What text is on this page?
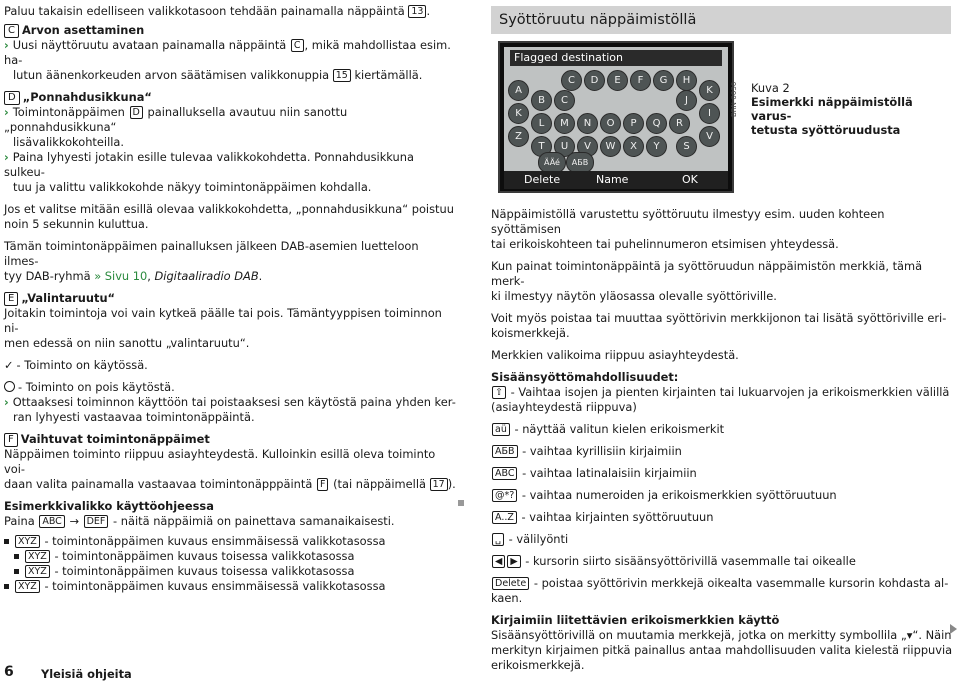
Paluu takaisin edelliseen valikkotasoon tehdään painamalla näppäintä 13 .

C Arvon asettaminen

› Uusi näyttöruutu avataan painamalla näppäintä C , mikä mahdollistaa esim. ha-

lutun äänenkorkeuden arvon säätämisen valikkonuppia 15 kiertämällä.

D „Ponnahdusikkuna“

› Toimintonäppäimen D painalluksella avautuu niin sanottu „ponnahdusikkuna“

lisävalikkokohteilla.

› Paina lyhyesti jotakin esille tulevaa valikkokohdetta. Ponnahdusikkuna sulkeu-

tuu ja valittu valikkokohde näkyy toimintonäppäimen kohdalla.

Jos et valitse mitään esillä olevaa valikkokohdetta, „ponnahdusikkuna“ poistuu

noin 5 sekunnin kuluttua.

Tämän toimintonäppäimen painalluksen jälkeen DAB-asemien luetteloon ilmes-

tyy DAB-ryhmä » Sivu 10, Digitaaliradio DAB.

E „Valintaruutu“

Joitakin toimintoja voi vain kytkeä päälle tai pois. Tämäntyyppisen toiminnon ni-

men edessä on niin sanottu „valintaruutu“.

✓ - Toiminto on käytössä.

- Toiminto on pois käytöstä.

› Ottaaksesi toiminnon käyttöön tai poistaaksesi sen käytöstä paina yhden ker-

ran lyhyesti vastaavaa toimintonäppäintä.

F Vaihtuvat toimintonäppäimet

Näppäimen toiminto riippuu asiayhteydestä. Kulloinkin esillä oleva toiminto voi-

daan valita painamalla vastaavaa toimintonäpppäintä F (tai näppäimellä 17 ).

Esimerkkivalikko käyttöohjeessa

Paina ABC → DEF - näitä näppäimiä on painettava samanaikaisesti.

XYZ - toimintonäppäimen kuvaus ensimmäisessä valikkotasossa
XYZ - toimintonäppäimen kuvaus toisessa valikkotasossa
XYZ - toimintonäppäimen kuvaus toisessa valikkotasossa
XYZ - toimintonäppäimen kuvaus ensimmäisessä valikkotasossa
Syöttöruutu näppäimistöllä
Flagged destination
C	D	E	F	G	H
A
B	C	J
K
I
V
K
L	M	N	O	P	Q	R
S
T	U	V	W	X	Y
Z
ÄÄé	АБВ
Delete	Name	OK
BRN-0036	Kuva 2

Esimerkki näppäimistöllä varus-

tetusta syöttöruudusta

Näppäimistöllä varustettu syöttöruutu ilmestyy esim. uuden kohteen syöttämisen

tai erikoiskohteen tai puhelinnumeron etsimisen yhteydessä.

Kun painat toimintonäppäintä ja syöttöruudun näppäimistön merkkiä, tämä merk-

ki ilmestyy näytön yläosassa olevalle syöttöriville.

Voit myös poistaa tai muuttaa syöttörivin merkkijonon tai lisätä syöttöriville eri-

koismerkkejä.

Merkkien valikoima riippuu asiayhteydestä.

Sisäänsyöttömahdollisuudet:

⇧ - Vaihtaa isojen ja pienten kirjainten tai lukuarvojen ja erikoismerkkien välillä

(asiayhteydestä riippuva)

aü - näyttää valitun kielen erikoismerkit

АБВ - vaihtaa kyrillisiin kirjaimiin

ABC - vaihtaa latinalaisiin kirjaimiin

@*? - vaihtaa numeroiden ja erikoismerkkien syöttöruutuun

A..Z - vaihtaa kirjainten syöttöruutuun

␣ - välilyönti

◀ ▶ - kursorin siirto sisäänsyöttörivillä vasemmalle tai oikealle

Delete - poistaa syöttörivin merkkejä oikealta vasemmalle kursorin kohdasta al-

kaen.

Kirjaimiin liitettävien erikoismerkkien käyttö

Sisäänsyöttörivillä on muutamia merkkejä, jotka on merkitty symbollila „▾“. Näin

merkityn kirjaimen pitkä painallus antaa mahdollisuuden valita kielestä riippuvia

erikoismerkkejä.

6 Yleisiä ohjeita
